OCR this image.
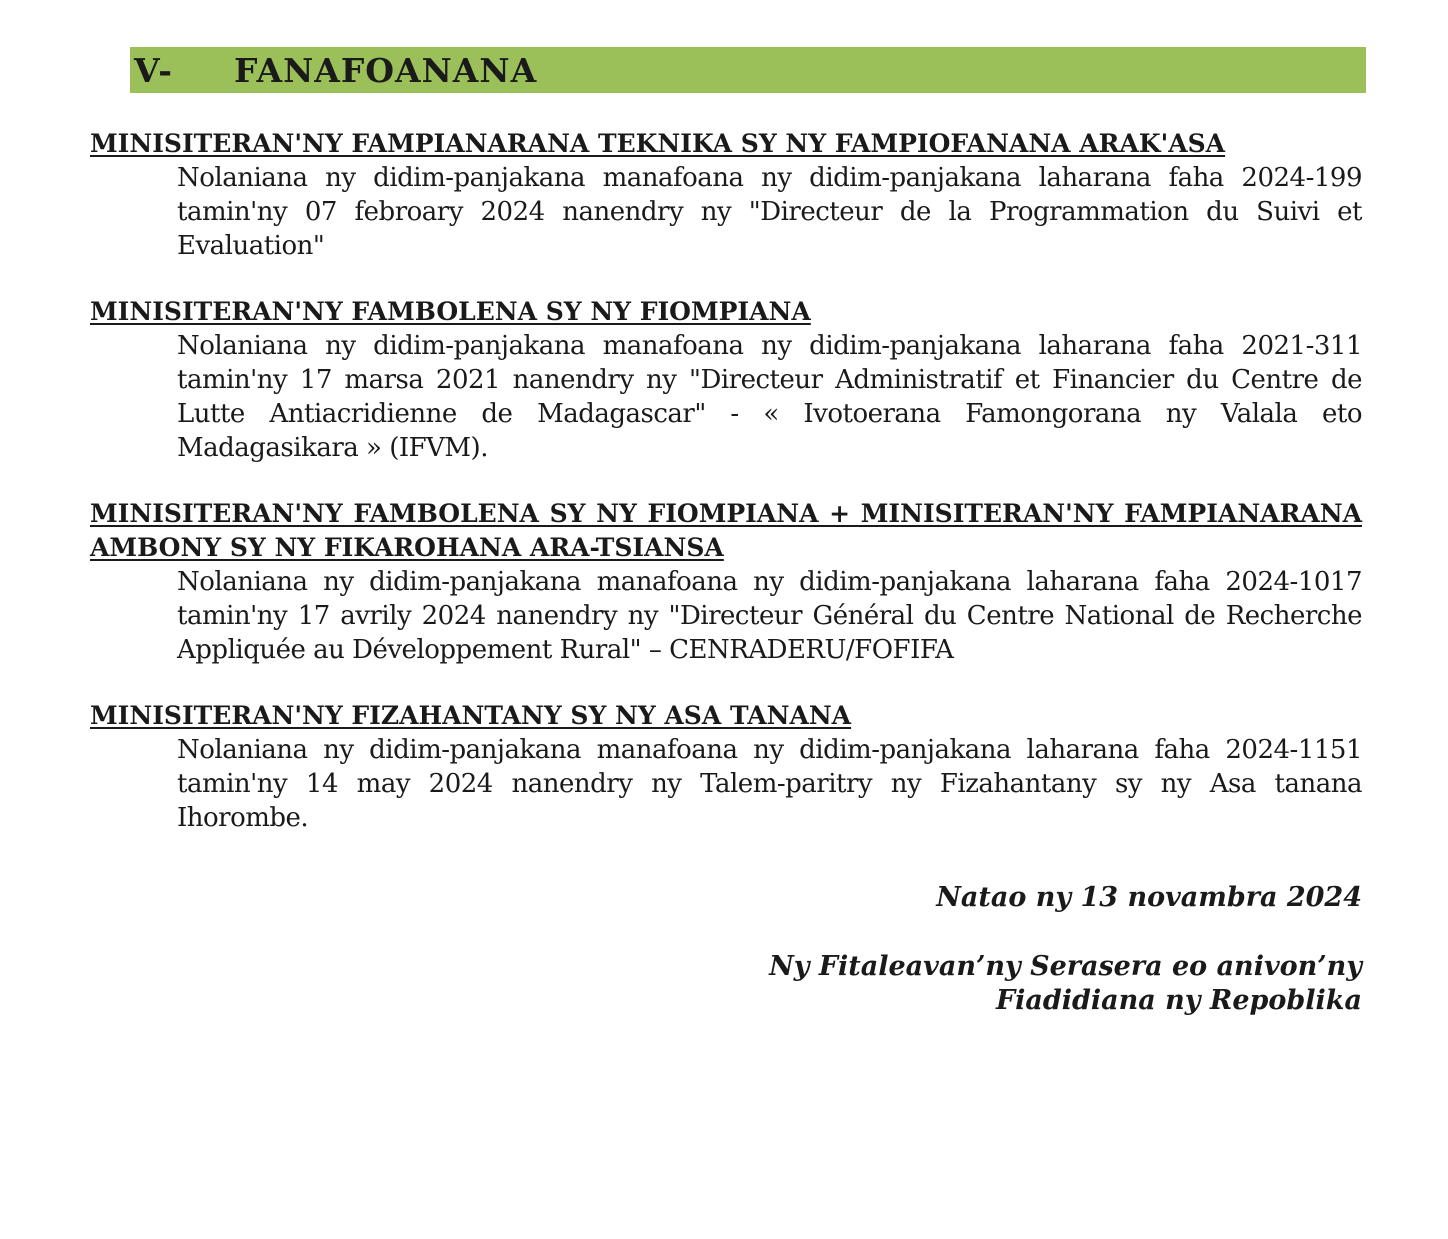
V-	FANAFOANANA

MINISITERAN'NY FAMPIANARANA TEKNIKA SY NY FAMPIOFANANA ARAK'ASA

Nolaniana ny didim-panjakana manafoana ny didim-panjakana laharana faha 2024-199 tamin'ny 07 febroary 2024 nanendry ny "Directeur de la Programmation du Suivi et Evaluation"

MINISITERAN'NY FAMBOLENA SY NY FIOMPIANA

Nolaniana ny didim-panjakana manafoana ny didim-panjakana laharana faha 2021-311 tamin'ny 17 marsa 2021 nanendry ny "Directeur Administratif et Financier du Centre de Lutte Antiacridienne de Madagascar" - « Ivotoerana Famongorana ny Valala eto Madagasikara » (IFVM).

MINISITERAN'NY FAMBOLENA SY NY FIOMPIANA + MINISITERAN'NY FAMPIANARANA AMBONY SY NY FIKAROHANA ARA-TSIANSA

Nolaniana ny didim-panjakana manafoana ny didim-panjakana laharana faha 2024-1017 tamin'ny 17 avrily 2024 nanendry ny "Directeur Général du Centre National de Recherche Appliquée au Développement Rural" – CENRADERU/FOFIFA

MINISITERAN'NY FIZAHANTANY SY NY ASA TANANA

Nolaniana ny didim-panjakana manafoana ny didim-panjakana laharana faha 2024-1151 tamin'ny 14 may 2024 nanendry ny Talem-paritry ny Fizahantany sy ny Asa tanana Ihorombe.

Natao ny 13 novambra 2024

Ny Fitaleavan’ny Serasera eo anivon’ny
Fiadidiana ny Repoblika
